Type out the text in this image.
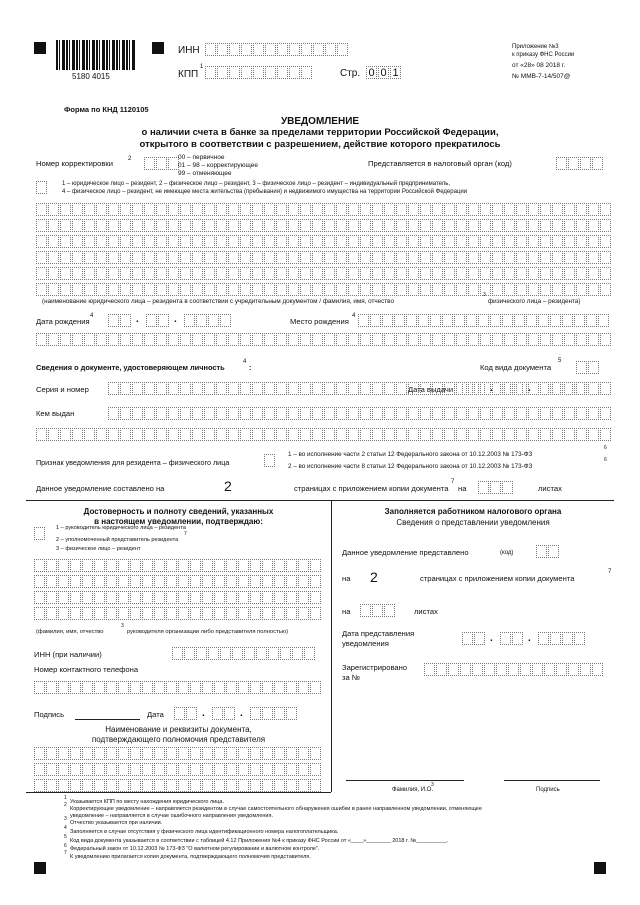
5180 4015
ИНН
КПП
1
Стр. 0 0 1
Приложение №3
к приказу ФНС России
от «28» 08 2018 г.
№ ММВ-7-14/507@
Форма по КНД 1120105
УВЕДОМЛЕНИЕ
о наличии счета в банке за пределами территории Российской Федерации,
открытого в соответствии с разрешением, действие которого прекратилось
Номер корректировки	2	00 – первичное
01 – 98 – корректирующее
99 – отменяющее
Представляется в налоговый орган (код)
1 – юридическое лицо – резидент, 2 – физическое лицо – резидент, 3 – физическое лицо – резидент – индивидуальный предприниматель,
4 – физическое лицо – резидент, не имеющее места жительства (пребывания) и недвижимого имущества на территории Российской Федерации
(наименование юридического лица – резидента в соответствии с учредительным документом / фамилия, имя, отчество
3
физического лица – резидента)
Дата рождения
4	.	.	Место рождения
4
Сведения о документе, удостоверяющем личность
4
:	Код вида документа
5
Серия и номер	Дата выдачи	.	.
Кем выдан
Признак уведомления для резидента – физического лица
1 – во исполнение части 2 статьи 12 Федерального закона от 10.12.2003 № 173-ФЗ
6
2 – во исполнение части 8 статьи 12 Федерального закона от 10.12.2003 № 173-ФЗ
6
Данное уведомление составлено на	2	страницах с приложением копии документа
7
на	листах
Достоверность и полноту сведений, указанных
в настоящем уведомлении, подтверждаю:
1 – руководитель юридического лица – резидента
2 – уполномоченный представитель резидента
7
3 – физическое лицо – резидент
(фамилия, имя, отчество
3
руководителя организации либо представителя полностью)
ИНН (при наличии)
Номер контактного телефона
Подпись	Дата	.	.
Наименование и реквизиты документа,
подтверждающего полномочия представителя
Заполняется работником налогового органа
Сведения о представлении уведомления
Данное уведомление представлено	(код)
на 2	страницах с приложением копии документа
7
на	листах
Дата представления
уведомления	.	.
Зарегистрировано
за №
Фамилия, И.О.
3
Подпись
1
Указывается КПП по месту нахождения юридического лица.
2
Корректирующее уведомление – направляется резидентом в случае самостоятельного обнаружения ошибки в ранее направленном уведомлении, отменяющее
уведомление – направляется в случае ошибочного направления уведомления.
3
Отчество указывается при наличии.
4
Заполняется в случае отсутствия у физического лица идентификационного номера налогоплательщика.
5
Код вида документа указывается в соответствии с таблицей 4.12 Приложения №4 к приказу ФНС России от «____»________ 2018 г. №__________.
6 Федеральный закон от 10.12.2003 № 173-ФЗ "О валютном регулировании и валютном контроле".
7
К уведомлению прилагается копия документа, подтверждающего полномочия представителя.
